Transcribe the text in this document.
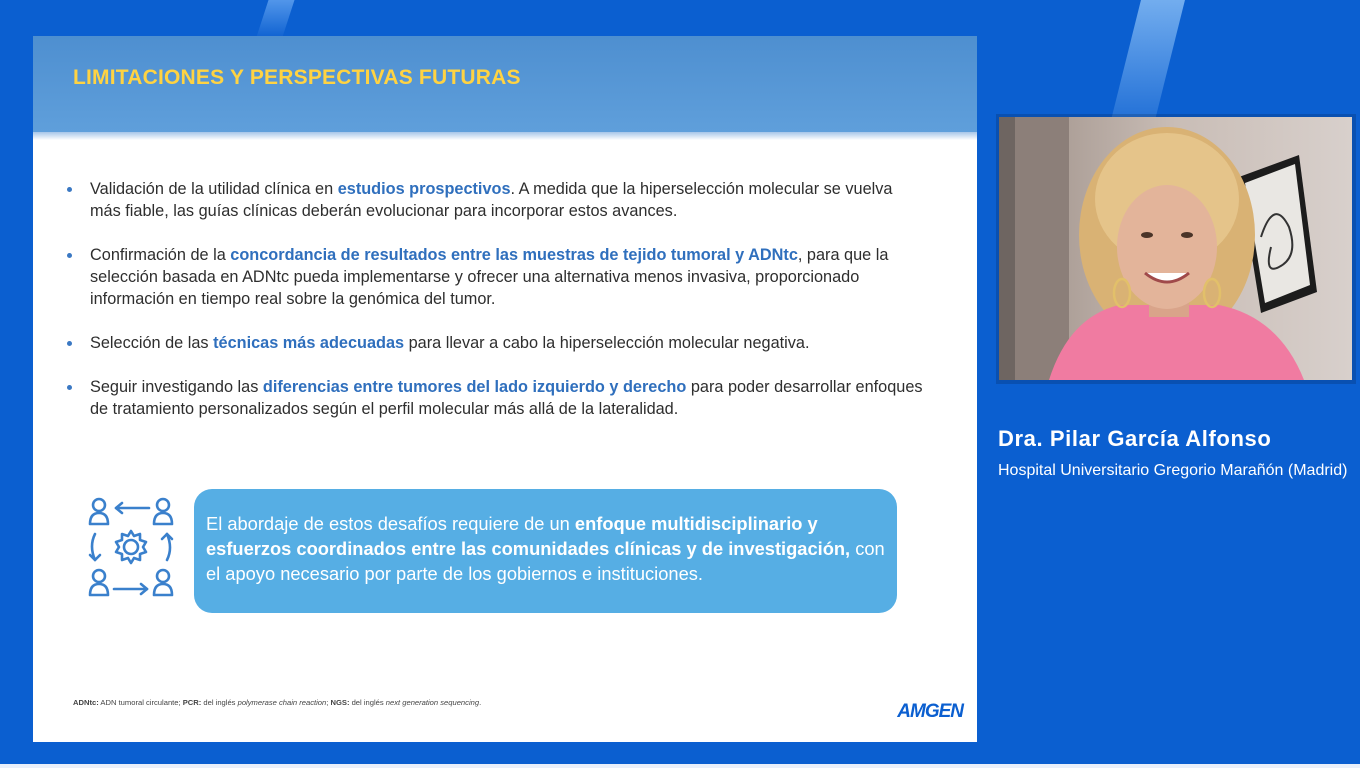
LIMITACIONES Y PERSPECTIVAS FUTURAS
Validación de la utilidad clínica en estudios prospectivos. A medida que la hiperselección molecular se vuelva más fiable, las guías clínicas deberán evolucionar para incorporar estos avances.
Confirmación de la concordancia de resultados entre las muestras de tejido tumoral y ADNtc, para que la selección basada en ADNtc pueda implementarse y ofrecer una alternativa menos invasiva, proporcionado información en tiempo real sobre la genómica del tumor.
Selección de las técnicas más adecuadas para llevar a cabo la hiperselección molecular negativa.
Seguir investigando las diferencias entre tumores del lado izquierdo y derecho para poder desarrollar enfoques de tratamiento personalizados según el perfil molecular más allá de la lateralidad.
El abordaje de estos desafíos requiere de un enfoque multidisciplinario y esfuerzos coordinados entre las comunidades clínicas y de investigación, con el apoyo necesario por parte de los gobiernos e instituciones.
ADNtc: ADN tumoral circulante; PCR: del inglés polymerase chain reaction; NGS: del inglés next generation sequencing.	AMGEN
Dra. Pilar García Alfonso
Hospital Universitario Gregorio Marañón (Madrid)
